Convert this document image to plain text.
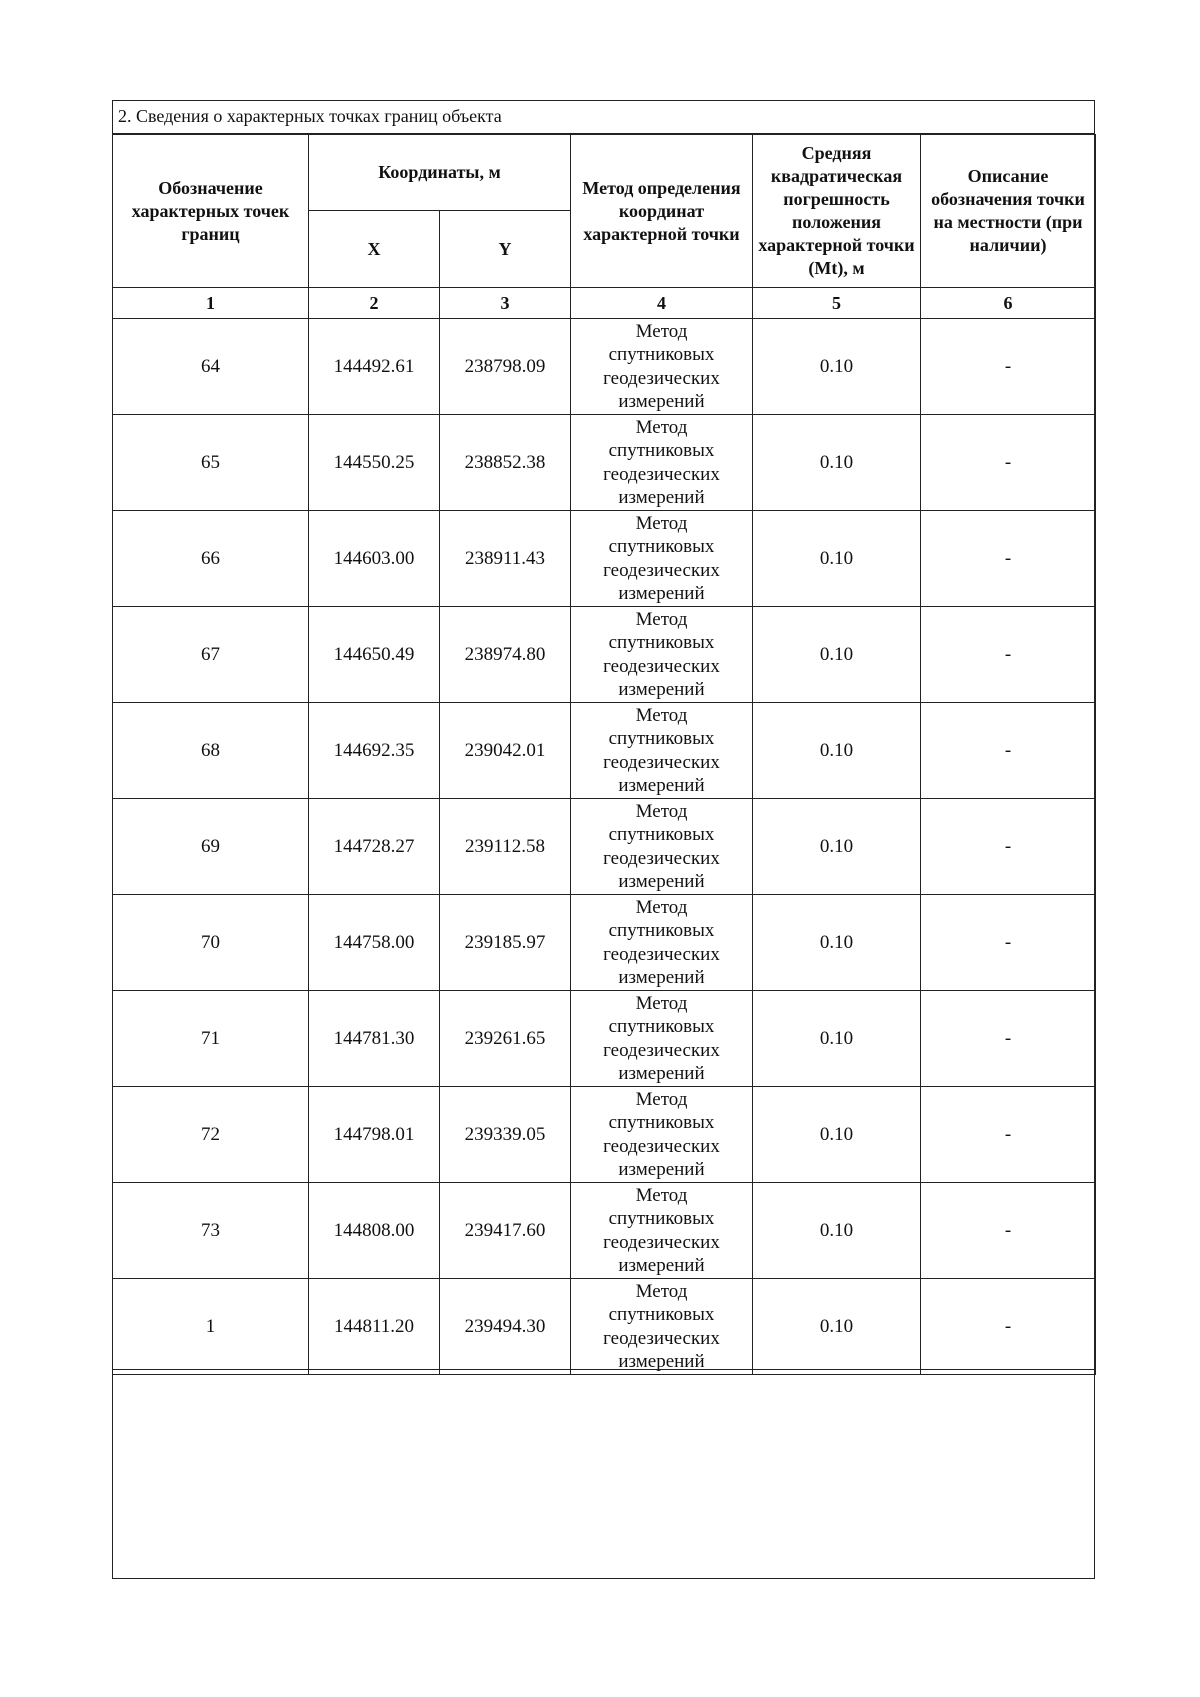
2. Сведения о характерных точках границ объекта
Обозначение характерных точек границ	Координаты, м		Метод определения координат характерной точки	Средняя квадратическая погрешность положения характерной точки (Mt), м	Описание обозначения точки на местности (при наличии)
	X	Y			
1	2	3	4	5	6
64	144492.61	238798.09	Метод спутниковых геодезических измерений	0.10	-
65	144550.25	238852.38	Метод спутниковых геодезических измерений	0.10	-
66	144603.00	238911.43	Метод спутниковых геодезических измерений	0.10	-
67	144650.49	238974.80	Метод спутниковых геодезических измерений	0.10	-
68	144692.35	239042.01	Метод спутниковых геодезических измерений	0.10	-
69	144728.27	239112.58	Метод спутниковых геодезических измерений	0.10	-
70	144758.00	239185.97	Метод спутниковых геодезических измерений	0.10	-
71	144781.30	239261.65	Метод спутниковых геодезических измерений	0.10	-
72	144798.01	239339.05	Метод спутниковых геодезических измерений	0.10	-
73	144808.00	239417.60	Метод спутниковых геодезических измерений	0.10	-
1	144811.20	239494.30	Метод спутниковых геодезических измерений	0.10	-
